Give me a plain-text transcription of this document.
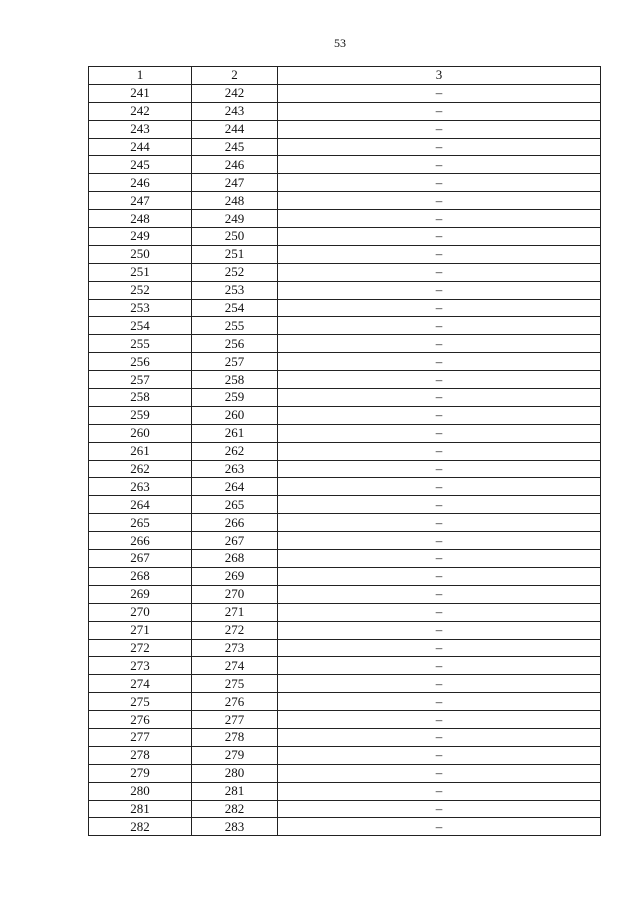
53
1	2	3
241	242	–
242	243	–
243	244	–
244	245	–
245	246	–
246	247	–
247	248	–
248	249	–
249	250	–
250	251	–
251	252	–
252	253	–
253	254	–
254	255	–
255	256	–
256	257	–
257	258	–
258	259	–
259	260	–
260	261	–
261	262	–
262	263	–
263	264	–
264	265	–
265	266	–
266	267	–
267	268	–
268	269	–
269	270	–
270	271	–
271	272	–
272	273	–
273	274	–
274	275	–
275	276	–
276	277	–
277	278	–
278	279	–
279	280	–
280	281	–
281	282	–
282	283	–
